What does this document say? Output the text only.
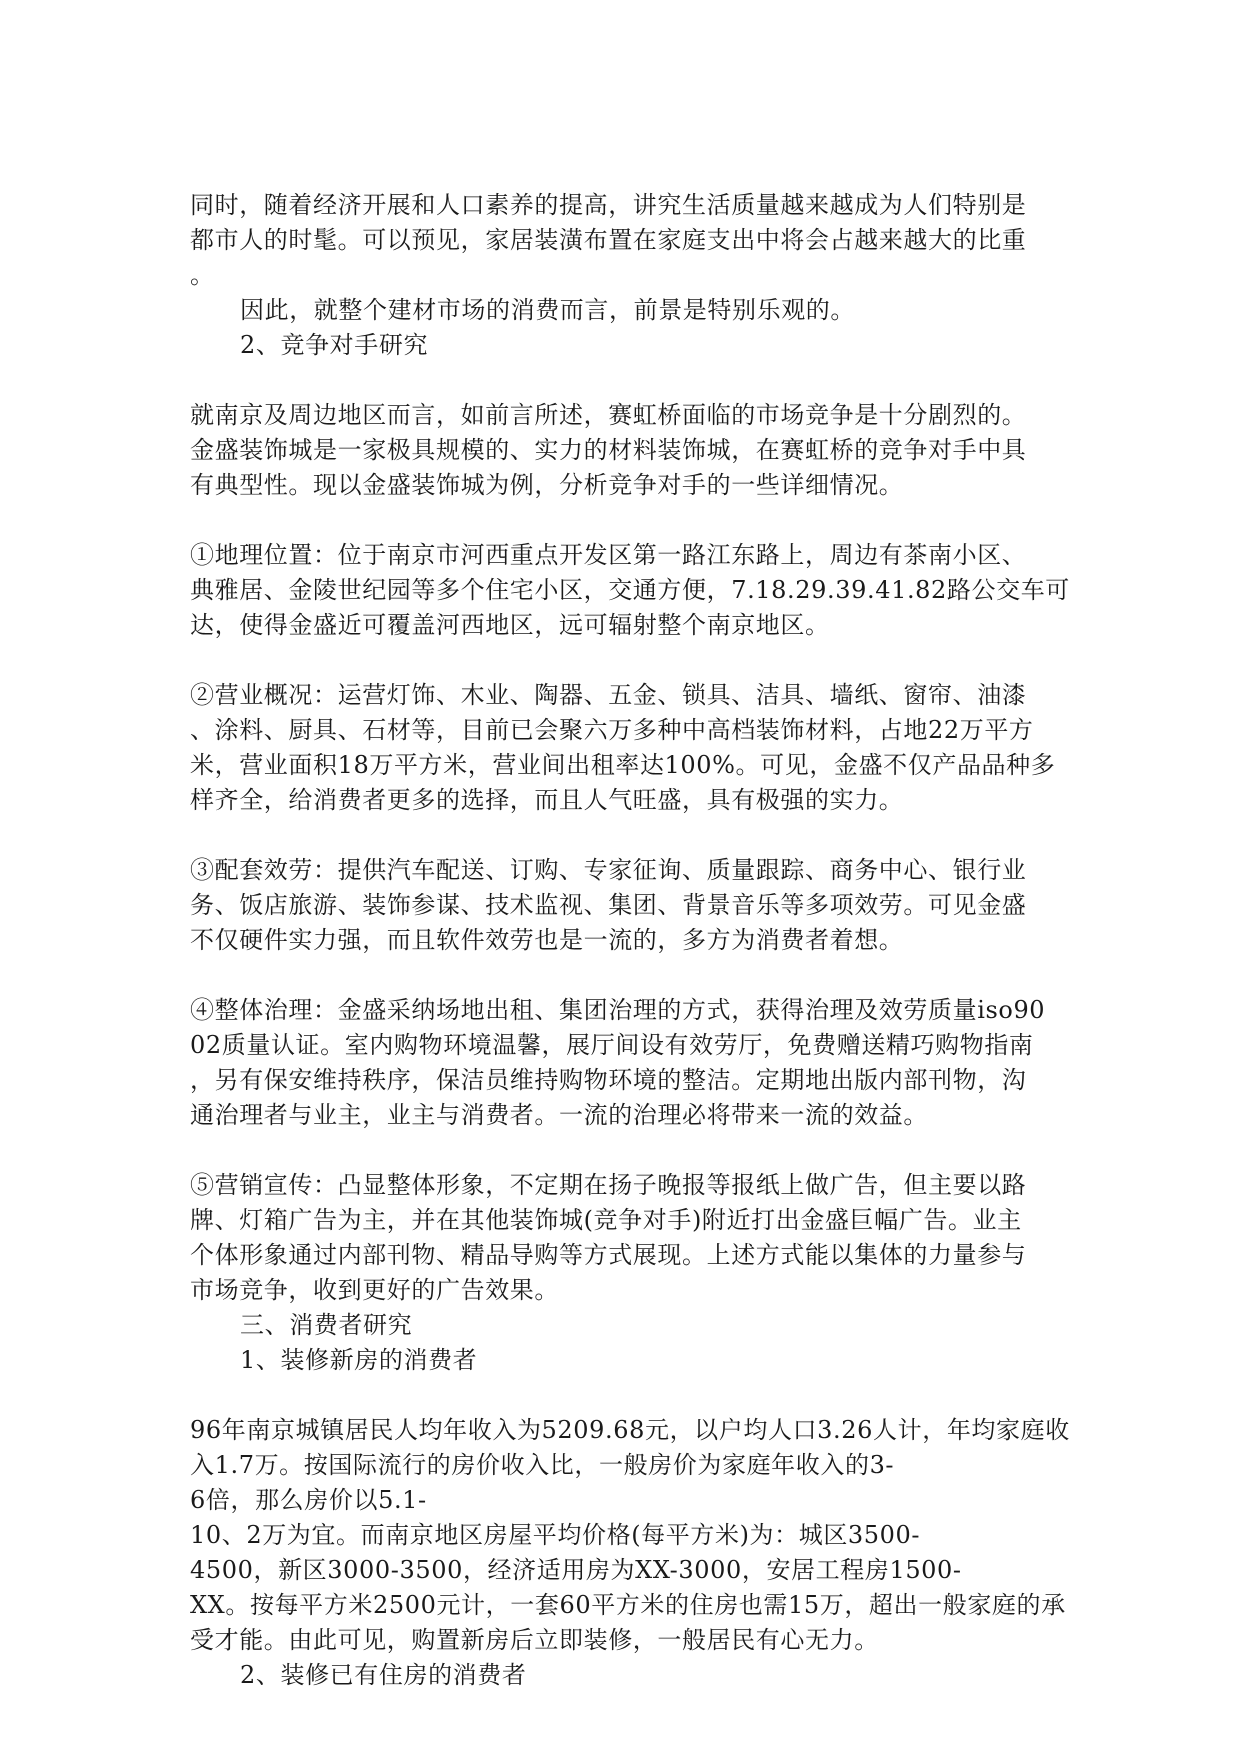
同时，随着经济开展和人口素养的提高，讲究生活质量越来越成为人们特别是
都市人的时髦。可以预见，家居装潢布置在家庭支出中将会占越来越大的比重
。
因此，就整个建材市场的消费而言，前景是特别乐观的。
2、竞争对手研究
就南京及周边地区而言，如前言所述，赛虹桥面临的市场竞争是十分剧烈的。
金盛装饰城是一家极具规模的、实力的材料装饰城，在赛虹桥的竞争对手中具
有典型性。现以金盛装饰城为例，分析竞争对手的一些详细情况。
①地理位置：位于南京市河西重点开发区第一路江东路上，周边有茶南小区、
典雅居、金陵世纪园等多个住宅小区，交通方便，7.18.29.39.41.82路公交车可
达，使得金盛近可覆盖河西地区，远可辐射整个南京地区。
②营业概况：运营灯饰、木业、陶器、五金、锁具、洁具、墙纸、窗帘、油漆
、涂料、厨具、石材等，目前已会聚六万多种中高档装饰材料，占地22万平方
米，营业面积18万平方米，营业间出租率达100%。可见，金盛不仅产品品种多
样齐全，给消费者更多的选择，而且人气旺盛，具有极强的实力。
③配套效劳：提供汽车配送、订购、专家征询、质量跟踪、商务中心、银行业
务、饭店旅游、装饰参谋、技术监视、集团、背景音乐等多项效劳。可见金盛
不仅硬件实力强，而且软件效劳也是一流的，多方为消费者着想。
④整体治理：金盛采纳场地出租、集团治理的方式，获得治理及效劳质量iso90
02质量认证。室内购物环境温馨，展厅间设有效劳厅，免费赠送精巧购物指南
，另有保安维持秩序，保洁员维持购物环境的整洁。定期地出版内部刊物，沟
通治理者与业主，业主与消费者。一流的治理必将带来一流的效益。
⑤营销宣传：凸显整体形象，不定期在扬子晚报等报纸上做广告，但主要以路
牌、灯箱广告为主，并在其他装饰城(竞争对手)附近打出金盛巨幅广告。业主
个体形象通过内部刊物、精品导购等方式展现。上述方式能以集体的力量参与
市场竞争，收到更好的广告效果。
三、消费者研究
1、装修新房的消费者
96年南京城镇居民人均年收入为5209.68元，以户均人口3.26人计，年均家庭收
入1.7万。按国际流行的房价收入比，一般房价为家庭年收入的3-
6倍，那么房价以5.1-
10、2万为宜。而南京地区房屋平均价格(每平方米)为：城区3500-
4500，新区3000-3500，经济适用房为XX-3000，安居工程房1500-
XX。按每平方米2500元计，一套60平方米的住房也需15万，超出一般家庭的承
受才能。由此可见，购置新房后立即装修，一般居民有心无力。
2、装修已有住房的消费者
